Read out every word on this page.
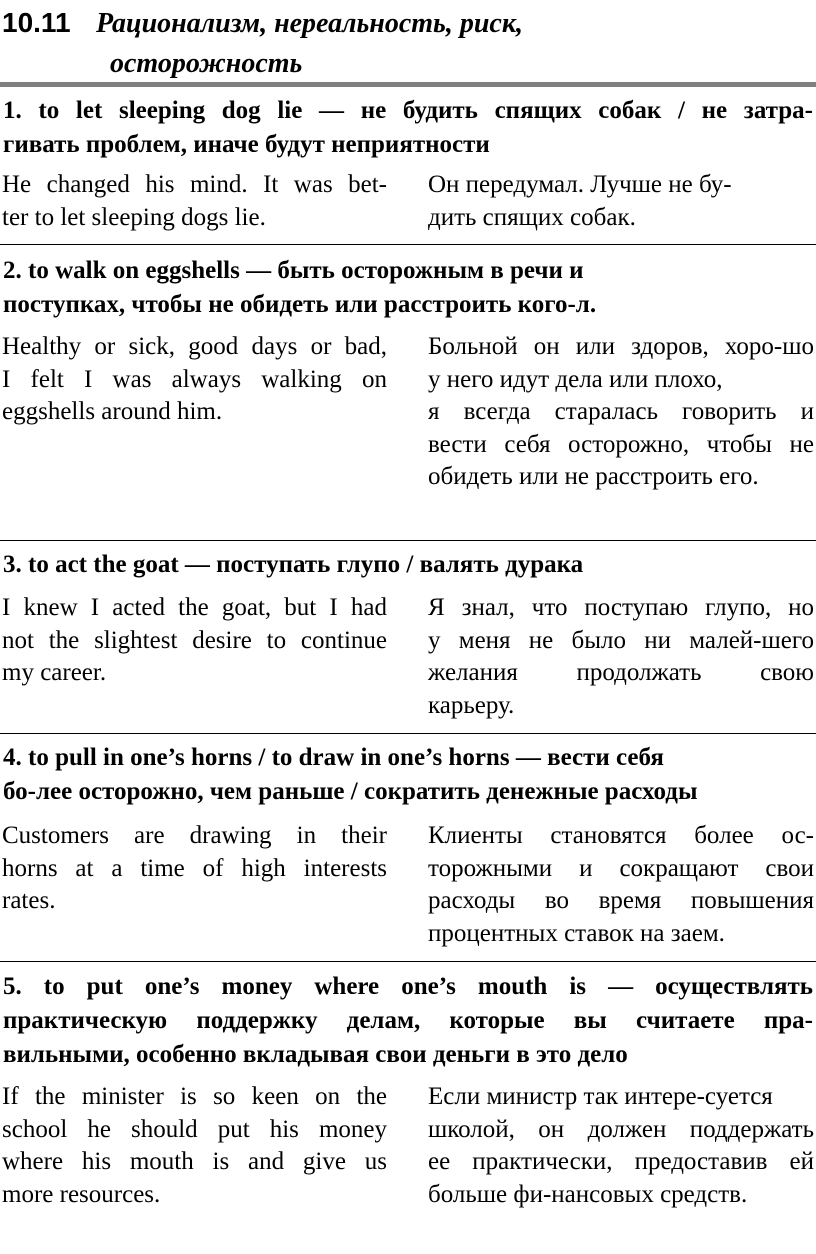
10.11 Рационализм, нереальность, риск,
осторожность
1. to let sleeping dog lie — не будить спящих собак / не затра-
гивать проблем, иначе будут неприятности
He changed his mind. It was bet-
ter to let sleeping dogs lie.
Он передумал. Лучше не бу-
дить спящих собак.
2. to walk on eggshells — быть осторожным в речи и
поступках, чтобы не обидеть или расстроить кого-л.
Healthy or sick, good days or bad,
I felt I was always walking on
eggshells around him.
Больной он или здоров, хоро-шо
у него идут дела или плохо,
я всегда старалась говорить и
вести себя осторожно, чтобы не
обидеть или не расстроить его.
3. to act the goat — поступать глупо / валять дурака
I knew I acted the goat, but I had
not the slightest desire to continue
my career.
Я знал, что поступаю глупо, но
у меня не было ни малей-шего
желания продолжать свою
карьеру.
4. to pull in one’s horns / to draw in one’s horns — вести себя
бо-лее осторожно, чем раньше / сократить денежные расходы
Customers are drawing in their
horns at a time of high interests
rates.
Клиенты становятся более ос-
торожными и сокращают свои
расходы во время повышения
процентных ставок на заем.
5. to put one’s money where one’s mouth is — осуществлять
практическую поддержку делам, которые вы считаете пра-
вильными, особенно вкладывая свои деньги в это дело
If the minister is so keen on the
school he should put his money
where his mouth is and give us
more resources.
Если министр так интере-суется
школой, он должен поддержать
ее практически, предоставив ей
больше фи-нансовых средств.
